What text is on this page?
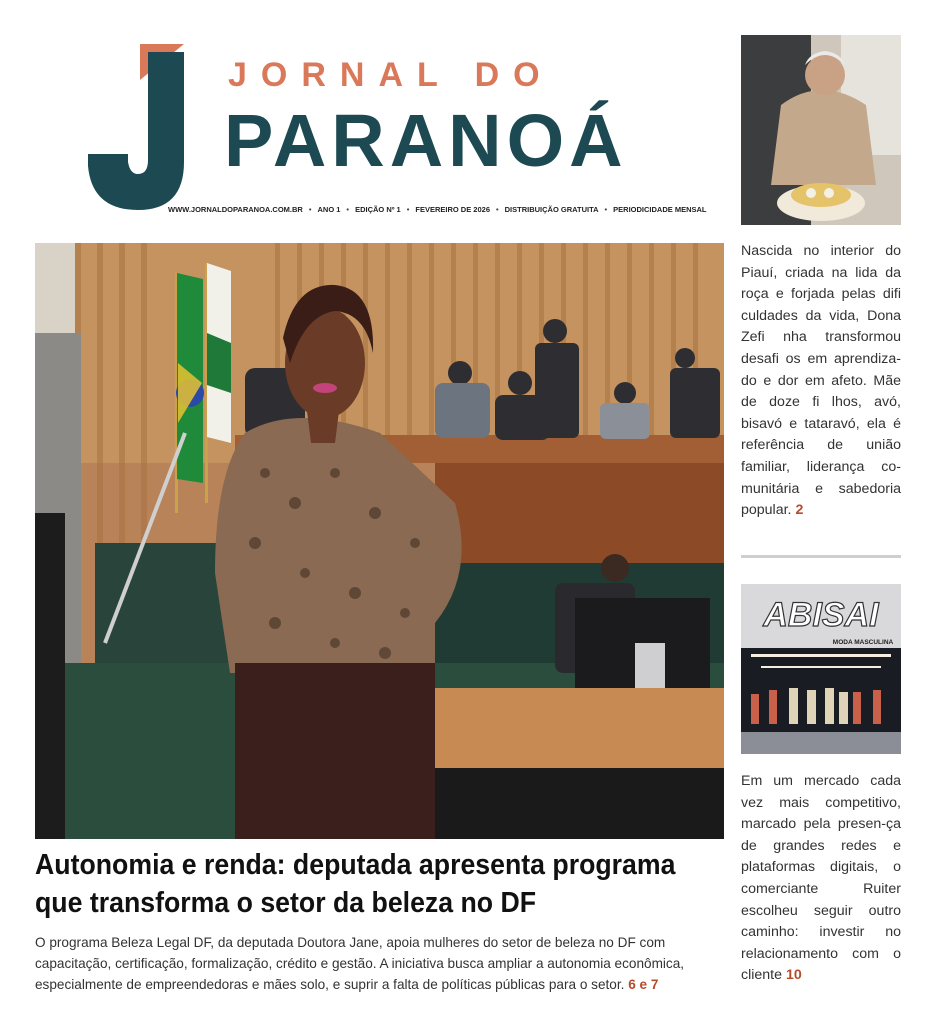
JORNAL DO
PARANOÁ
WWW.JORNALDOPARANOA.COM.BR • ANO 1 • EDIÇÃO Nº 1 • FEVEREIRO DE 2026 • DISTRIBUIÇÃO GRATUITA • PERIODICIDADE MENSAL
Autonomia e renda: deputada apresenta programa que transforma o setor da beleza no DF
O programa Beleza Legal DF, da deputada Doutora Jane, apoia mulheres do setor de beleza no DF com capacitação, certificação, formalização, crédito e gestão. A iniciativa busca ampliar a autonomia econômica, especialmente de empreendedoras e mães solo, e suprir a falta de políticas públicas para o setor. 6 e 7
Nascida no interior do Piauí, criada na lida da roça e forjada pelas difi culdades da vida, Dona Zefi nha transformou desafi os em aprendiza-do e dor em afeto. Mãe de doze fi lhos, avó, bisavó e tataravó, ela é referência de união familiar, liderança co-munitária e sabedoria popular. 2
ABISAI
MODA MASCULINA
Em um mercado cada vez mais competitivo, marcado pela presen-ça de grandes redes e plataformas digitais, o comerciante Ruiter escolheu seguir outro caminho: investir no relacionamento com o cliente 10
